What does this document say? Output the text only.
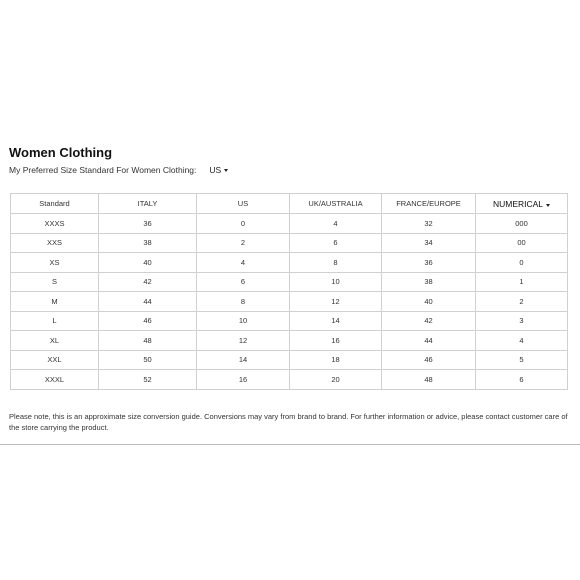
Women Clothing
My Preferred Size Standard For Women Clothing: US
Standard	ITALY	US	UK/AUSTRALIA	FRANCE/EUROPE	NUMERICAL
XXXS	36	0	4	32	000
XXS	38	2	6	34	00
XS	40	4	8	36	0
S	42	6	10	38	1
M	44	8	12	40	2
L	46	10	14	42	3
XL	48	12	16	44	4
XXL	50	14	18	46	5
XXXL	52	16	20	48	6
Please note, this is an approximate size conversion guide. Conversions may vary from brand to brand. For further information or advice, please contact customer care of the store carrying the product.
